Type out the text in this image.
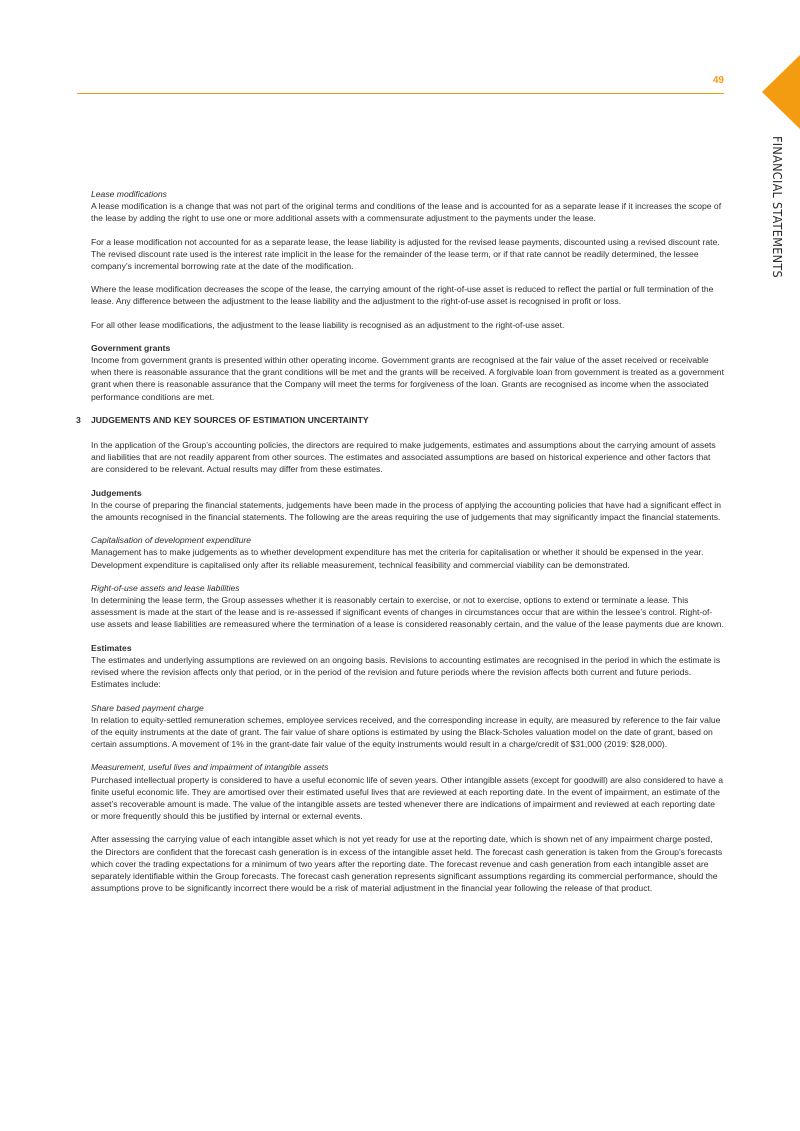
49
FINANCIAL STATEMENTS

Lease modifications

A lease modification is a change that was not part of the original terms and conditions of the lease and is accounted for as a separate lease if it increases the scope of the lease by adding the right to use one or more additional assets with a commensurate adjustment to the payments under the lease.

For a lease modification not accounted for as a separate lease, the lease liability is adjusted for the revised lease payments, discounted using a revised discount rate. The revised discount rate used is the interest rate implicit in the lease for the remainder of the lease term, or if that rate cannot be readily determined, the lessee company’s incremental borrowing rate at the date of the modification.

Where the lease modification decreases the scope of the lease, the carrying amount of the right-of-use asset is reduced to reflect the partial or full termination of the lease. Any difference between the adjustment to the lease liability and the adjustment to the right-of-use asset is recognised in profit or loss.

For all other lease modifications, the adjustment to the lease liability is recognised as an adjustment to the right-of-use asset.

Government grants

Income from government grants is presented within other operating income. Government grants are recognised at the fair value of the asset received or receivable when there is reasonable assurance that the grant conditions will be met and the grants will be received. A forgivable loan from government is treated as a government grant when there is reasonable assurance that the Company will meet the terms for forgiveness of the loan. Grants are recognised as income when the associated performance conditions are met.

3 JUDGEMENTS AND KEY SOURCES OF ESTIMATION UNCERTAINTY

In the application of the Group’s accounting policies, the directors are required to make judgements, estimates and assumptions about the carrying amount of assets and liabilities that are not readily apparent from other sources. The estimates and associated assumptions are based on historical experience and other factors that are considered to be relevant. Actual results may differ from these estimates.

Judgements

In the course of preparing the financial statements, judgements have been made in the process of applying the accounting policies that have had a significant effect in the amounts recognised in the financial statements. The following are the areas requiring the use of judgements that may significantly impact the financial statements.

Capitalisation of development expenditure

Management has to make judgements as to whether development expenditure has met the criteria for capitalisation or whether it should be expensed in the year. Development expenditure is capitalised only after its reliable measurement, technical feasibility and commercial viability can be demonstrated.

Right-of-use assets and lease liabilities

In determining the lease term, the Group assesses whether it is reasonably certain to exercise, or not to exercise, options to extend or terminate a lease. This assessment is made at the start of the lease and is re-assessed if significant events of changes in circumstances occur that are within the lessee’s control. Right-of-use assets and lease liabilities are remeasured where the termination of a lease is considered reasonably certain, and the value of the lease payments due are known.

Estimates

The estimates and underlying assumptions are reviewed on an ongoing basis. Revisions to accounting estimates are recognised in the period in which the estimate is revised where the revision affects only that period, or in the period of the revision and future periods where the revision affects both current and future periods. Estimates include:

Share based payment charge

In relation to equity-settled remuneration schemes, employee services received, and the corresponding increase in equity, are measured by reference to the fair value of the equity instruments at the date of grant. The fair value of share options is estimated by using the Black-Scholes valuation model on the date of grant, based on certain assumptions. A movement of 1% in the grant-date fair value of the equity instruments would result in a charge/credit of $31,000 (2019: $28,000).

Measurement, useful lives and impairment of intangible assets

Purchased intellectual property is considered to have a useful economic life of seven years. Other intangible assets (except for goodwill) are also considered to have a finite useful economic life. They are amortised over their estimated useful lives that are reviewed at each reporting date. In the event of impairment, an estimate of the asset’s recoverable amount is made. The value of the intangible assets are tested whenever there are indications of impairment and reviewed at each reporting date or more frequently should this be justified by internal or external events.

After assessing the carrying value of each intangible asset which is not yet ready for use at the reporting date, which is shown net of any impairment charge posted, the Directors are confident that the forecast cash generation is in excess of the intangible asset held. The forecast cash generation is taken from the Group’s forecasts which cover the trading expectations for a minimum of two years after the reporting date. The forecast revenue and cash generation from each intangible asset are separately identifiable within the Group forecasts. The forecast cash generation represents significant assumptions regarding its commercial performance, should the assumptions prove to be significantly incorrect there would be a risk of material adjustment in the financial year following the release of that product.
